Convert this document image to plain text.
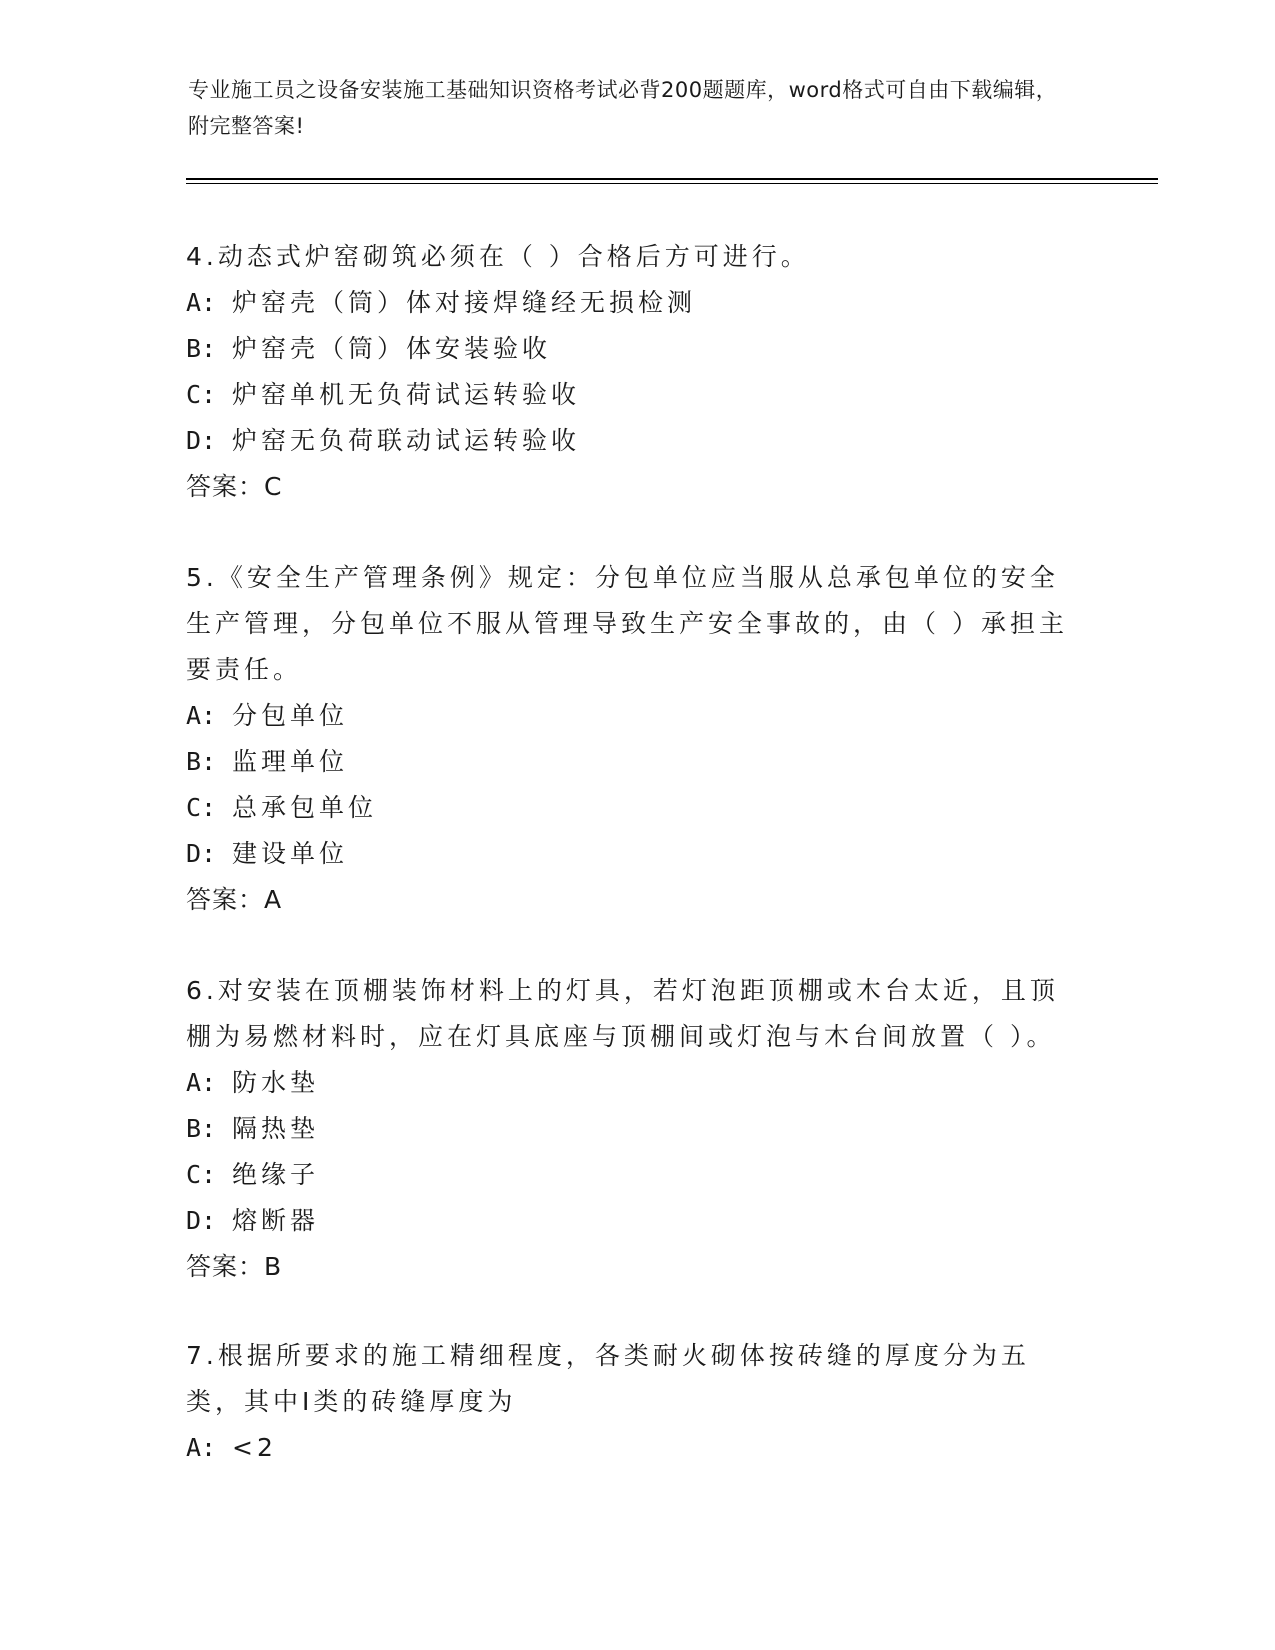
专业施工员之设备安装施工基础知识资格考试必背200题题库，word格式可自由下载编辑，附完整答案!

4.动态式炉窑砌筑必须在（ ）合格后方可进行。

A: 炉窑壳（筒）体对接焊缝经无损检测

B: 炉窑壳（筒）体安装验收

C: 炉窑单机无负荷试运转验收

D: 炉窑无负荷联动试运转验收

答案：C

5.《安全生产管理条例》规定：分包单位应当服从总承包单位的安全生产管理，分包单位不服从管理导致生产安全事故的，由（ ）承担主要责任。

A: 分包单位

B: 监理单位

C: 总承包单位

D: 建设单位

答案：A

6.对安装在顶棚装饰材料上的灯具，若灯泡距顶棚或木台太近，且顶棚为易燃材料时，应在灯具底座与顶棚间或灯泡与木台间放置（ ）。

A: 防水垫

B: 隔热垫

C: 绝缘子

D: 熔断器

答案：B

7.根据所要求的施工精细程度，各类耐火砌体按砖缝的厚度分为五类，其中Ⅰ类的砖缝厚度为

A: <2
